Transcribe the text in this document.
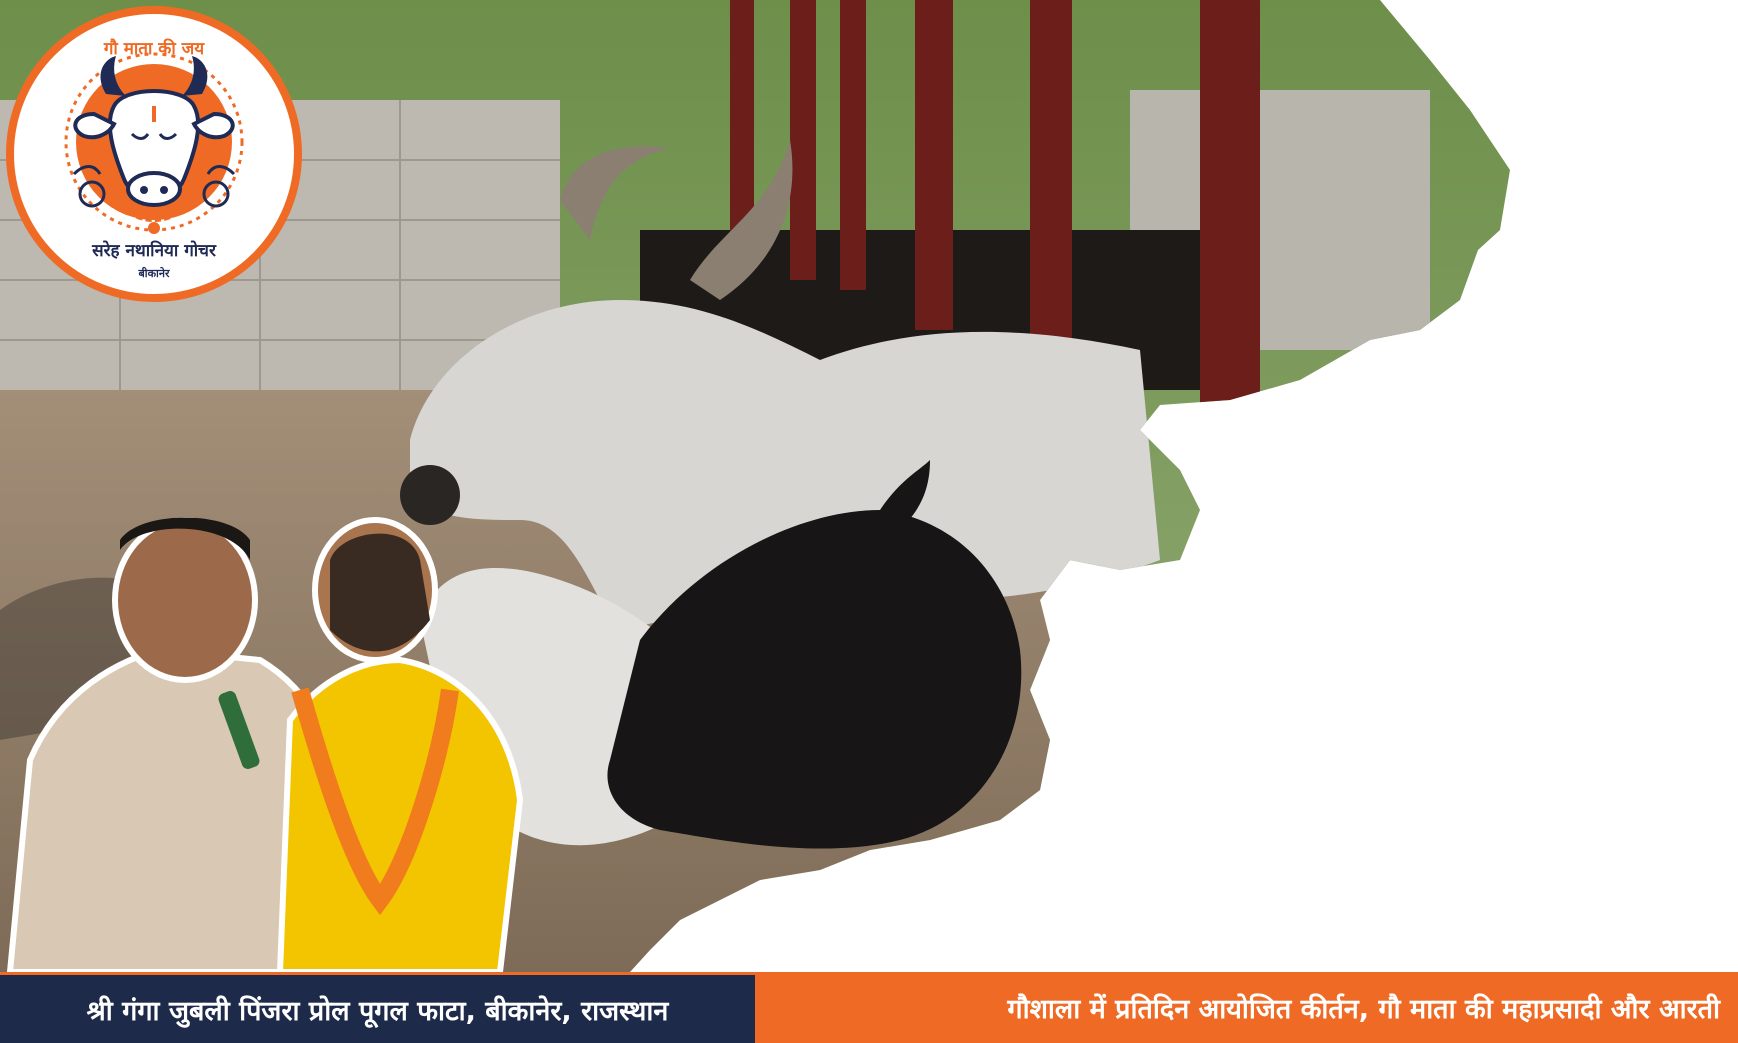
गौ माता की जय
सरेह नथानिया गोचर
बीकानेर
श्री गंगा जुबली पिंजरा प्रोल पूगल फाटा, बीकानेर, राजस्थान	गौशाला में प्रतिदिन आयोजित कीर्तन, गौ माता की महाप्रसादी और आरती
